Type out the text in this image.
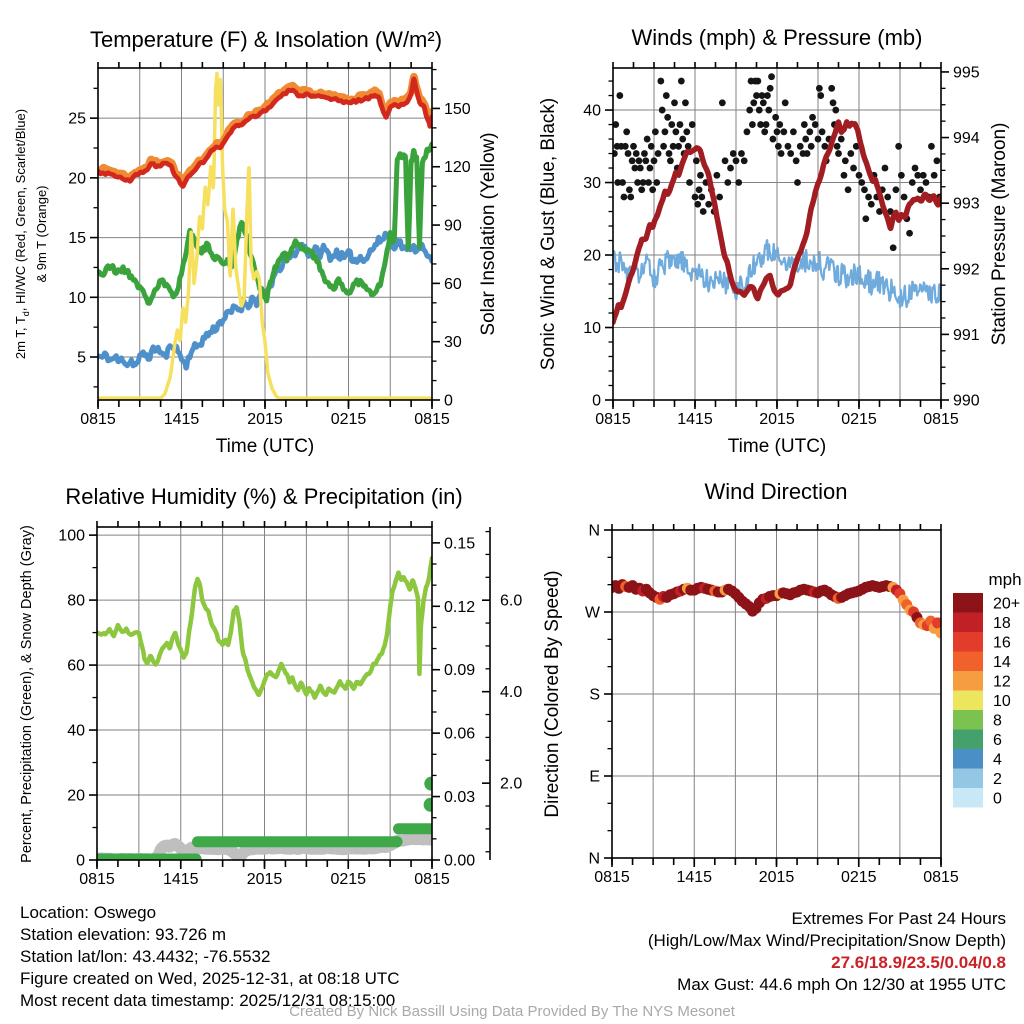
0815	1415	2015	0215	0815
5
10
15
20
25
0
30
60
90
120
150
0815	1415	2015	0215	0815
0
10
20
30
40
990
991
992
993
994
995
0815	1415	2015	0215	0815
0
20
40
60
80
100
0.00
0.03
0.06
0.09
0.12
0.15
2.0
4.0
6.0
0815	1415	2015	0215	0815
N
E
S
W
N
mph
20+
18
16
14
12
10
8
6
4
2
0
Temperature (F) & Insolation (W/m²)	Winds (mph) & Pressure (mb)
Relative Humidity (%) & Precipitation (in)	Wind Direction
Time (UTC)	Time (UTC)
2m T, $T_d$, HI/WC (Red, Green, Scarlet/Blue) & 9m T (Orange)	Solar Insolation (Yellow) Sonic Wind & Gust (Blue, Black)	Station Pressure (Maroon)
Percent, Precipitation (Green), & Snow Depth (Gray)	Direction (Colored By Speed)
Location: Oswego
Station elevation: 93.726 m
Station lat/lon: 43.4432; -76.5532
Figure created on Wed, 2025-12-31, at 08:18 UTC
Most recent data timestamp: 2025/12/31 08:15:00
Extremes For Past 24 Hours
(High/Low/Max Wind/Precipitation/Snow Depth)
27.6/18.9/23.5/0.04/0.8
Max Gust: 44.6 mph On 12/30 at 1955 UTC
Created By Nick Bassill Using Data Provided By The NYS Mesonet
